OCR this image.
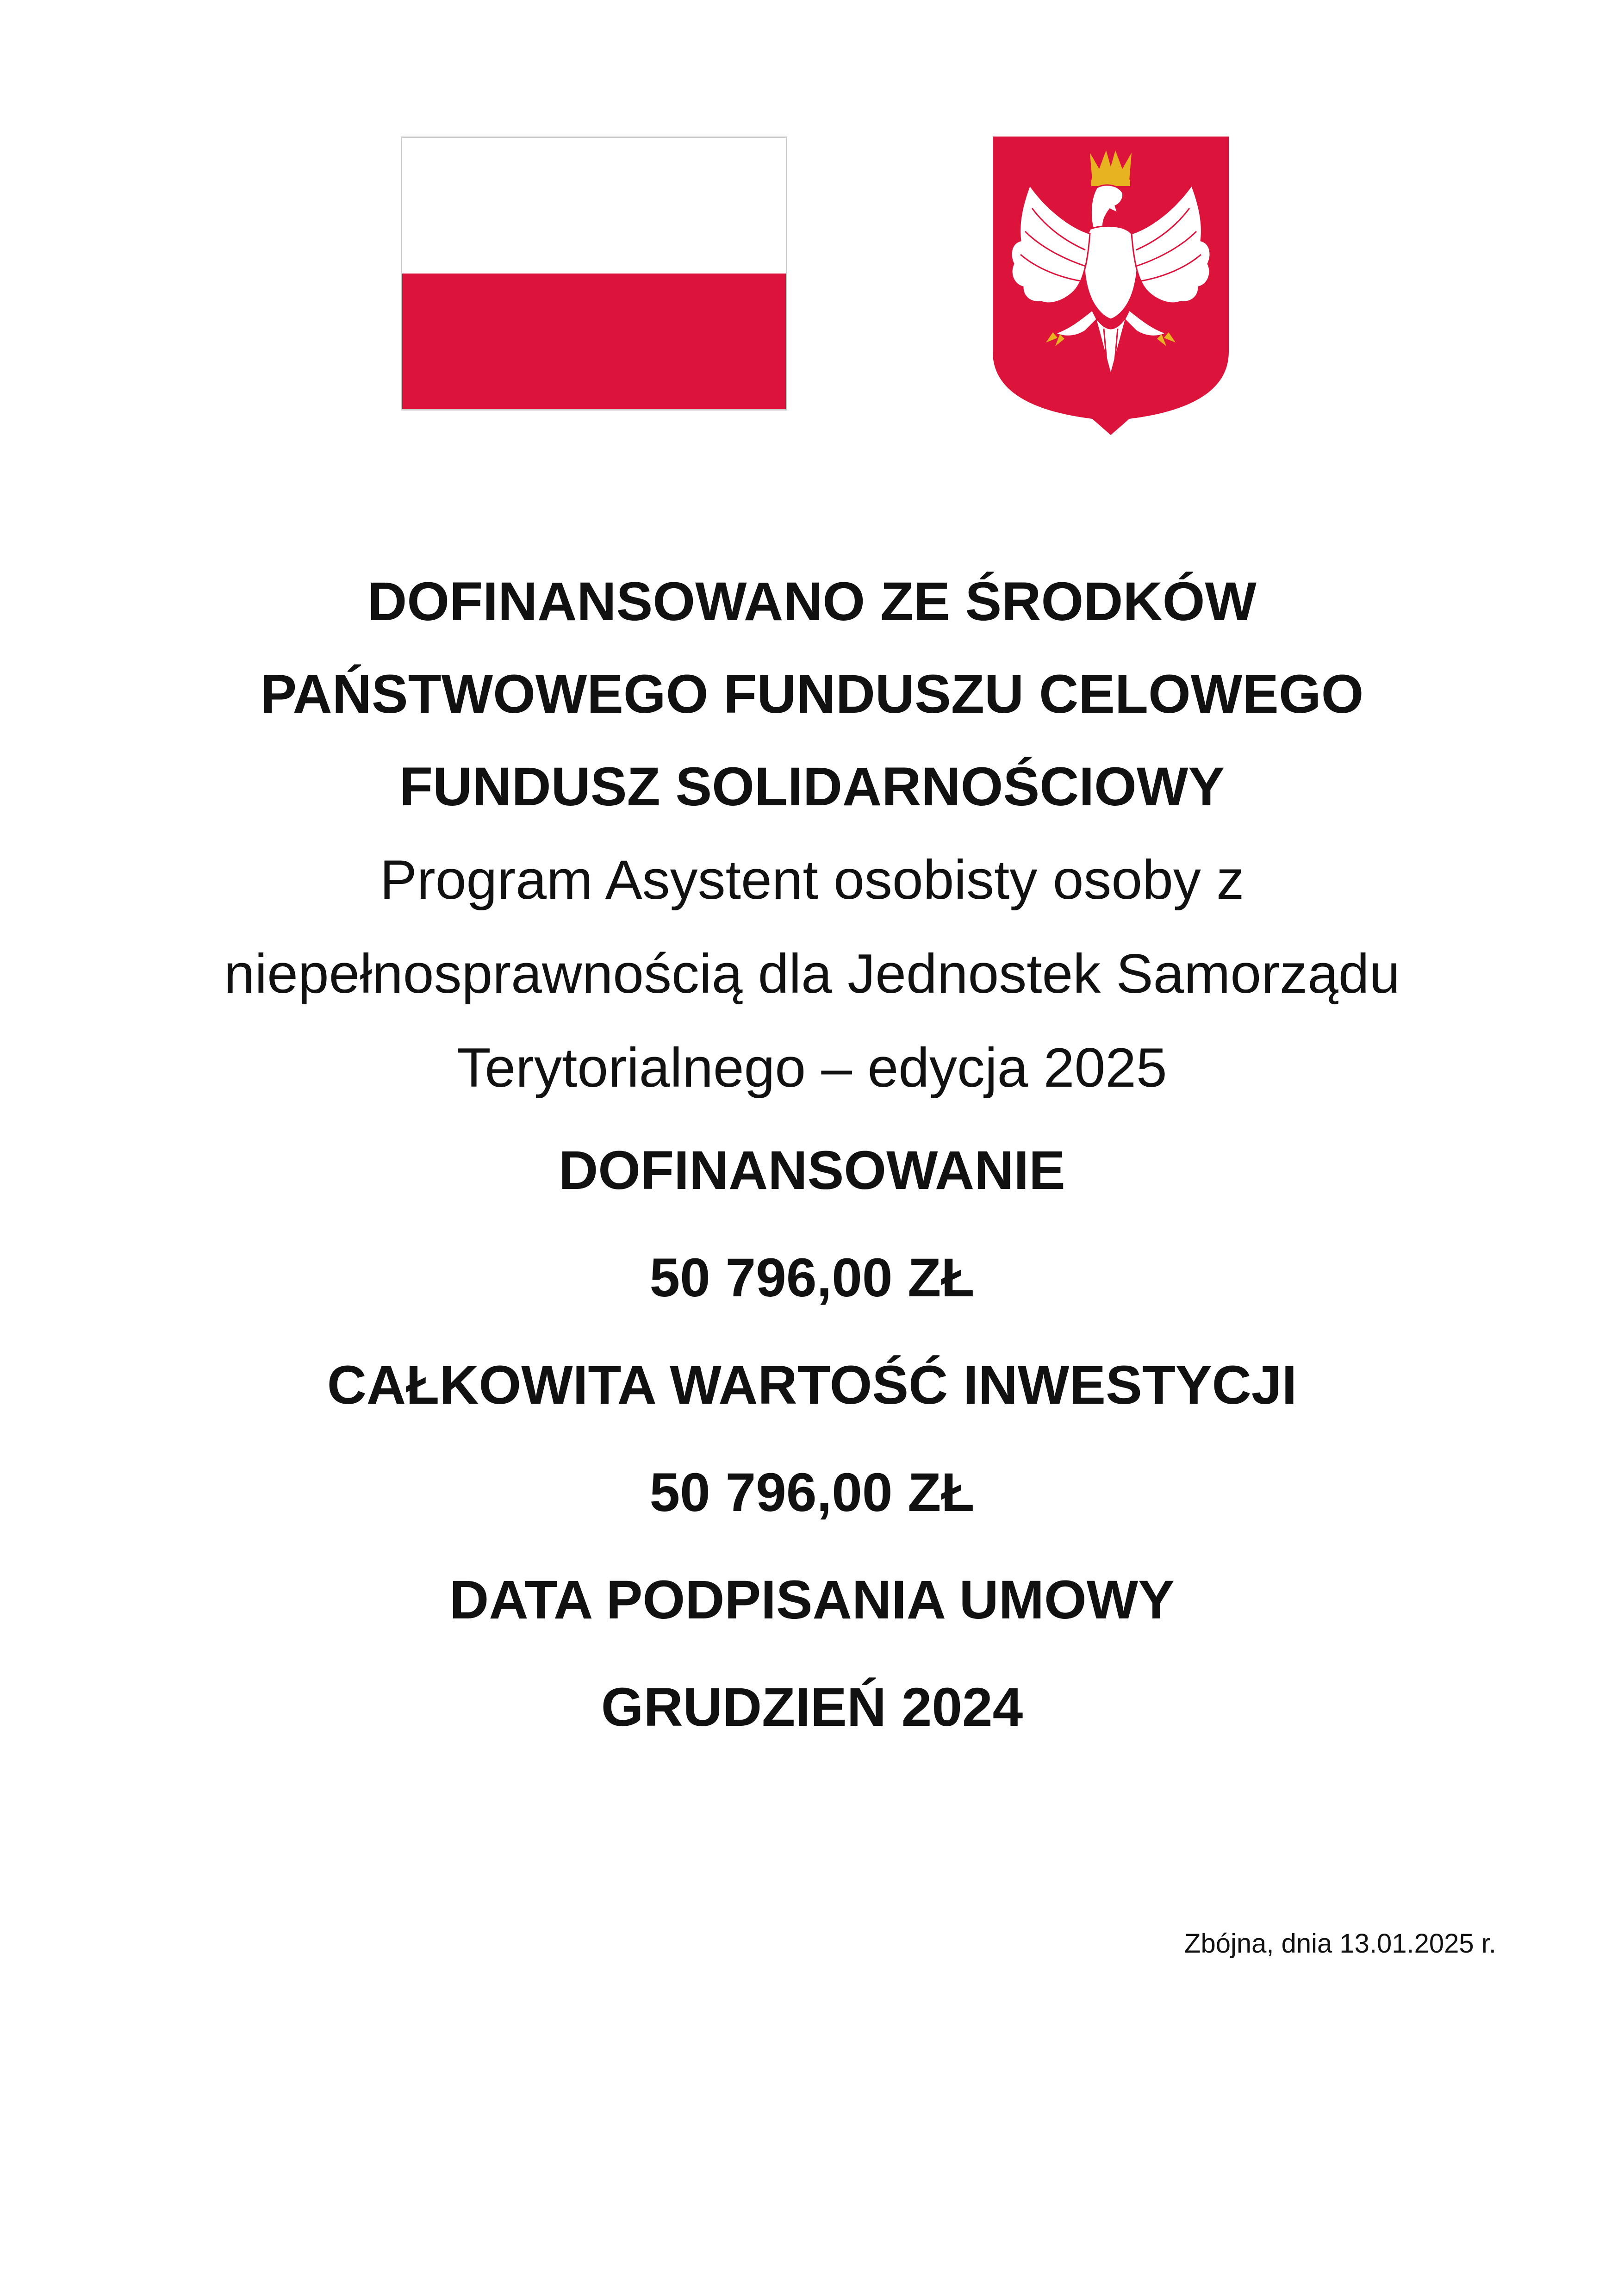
DOFINANSOWANO ZE ŚRODKÓW
PAŃSTWOWEGO FUNDUSZU CELOWEGO
FUNDUSZ SOLIDARNOŚCIOWY
Program Asystent osobisty osoby z
niepełnosprawnością dla Jednostek Samorządu
Terytorialnego – edycja 2025
DOFINANSOWANIE
50 796,00 ZŁ
CAŁKOWITA WARTOŚĆ INWESTYCJI
50 796,00 ZŁ
DATA PODPISANIA UMOWY
GRUDZIEŃ 2024
Zbójna, dnia 13.01.2025 r.
